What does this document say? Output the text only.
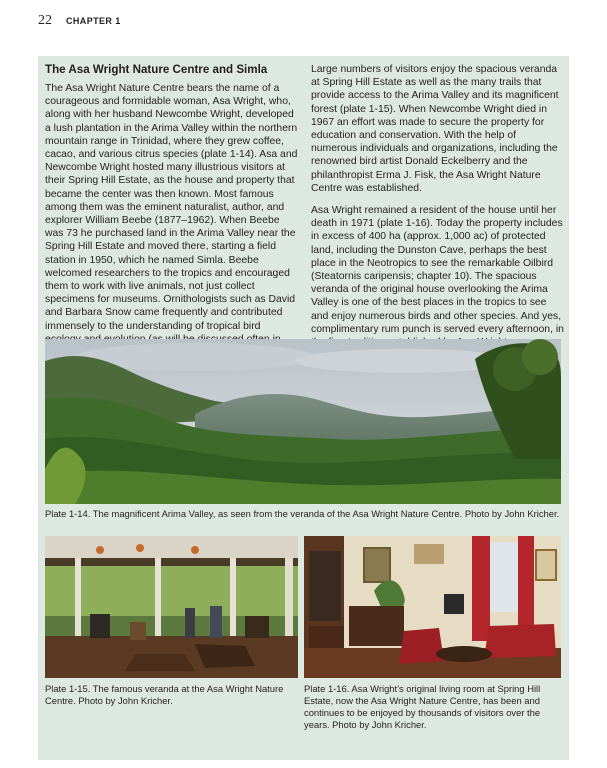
22 CHAPTER 1
The Asa Wright Nature Centre and Simla

The Asa Wright Nature Centre bears the name of a courageous and formidable woman, Asa Wright, who, along with her husband Newcombe Wright, developed a lush plantation in the Arima Valley within the northern mountain range in Trinidad, where they grew coffee, cacao, and various citrus species (plate 1-14). Asa and Newcombe Wright hosted many illustrious visitors at their Spring Hill Estate, as the house and property that became the center was then known. Most famous among them was the eminent naturalist, author, and explorer William Beebe (1877–1962). When Beebe was 73 he purchased land in the Arima Valley near the Spring Hill Estate and moved there, starting a field station in 1950, which he named Simla. Beebe welcomed researchers to the tropics and encouraged them to work with live animals, not just collect specimens for museums. Ornithologists such as David and Barbara Snow came frequently and contributed immensely to the understanding of tropical bird

Large numbers of visitors enjoy the spacious veranda at Spring Hill Estate as well as the many trails that provide access to the Arima Valley and its magnificent forest (plate 1-15). When Newcombe Wright died in 1967 an effort was made to secure the property for education and conservation. With the help of numerous individuals and organizations, including the renowned bird artist Donald Eckelberry and the philanthropist Erma J. Fisk, the Asa Wright Nature Centre was established.

Asa Wright remained a resident of the house until her death in 1971 (plate 1-16). Today the property includes in excess of 400 ha (approx. 1,000 ac) of protected land, including the Dunston Cave, perhaps the best place in the Neotropics to see the remarkable Oilbird (Steatornis caripensis; chapter 10). The spacious veranda of the original house overlooking the Arima Valley is one of the best places in the tropics to see and enjoy numerous birds and other species. And yes, complimentary rum punch is served every afternoon, in

Plate 1-14. The magnificent Arima Valley, as seen from the veranda of the Asa Wright Nature Centre. Photo by John Kricher.
Plate 1-15. The famous veranda at the Asa Wright Nature Centre. Photo by John Kricher.
Plate 1-16. Asa Wright’s original living room at Spring Hill Estate, now the Asa Wright Nature Centre, has been and continues to be enjoyed by thousands of visitors over the years. Photo by John Kricher.
